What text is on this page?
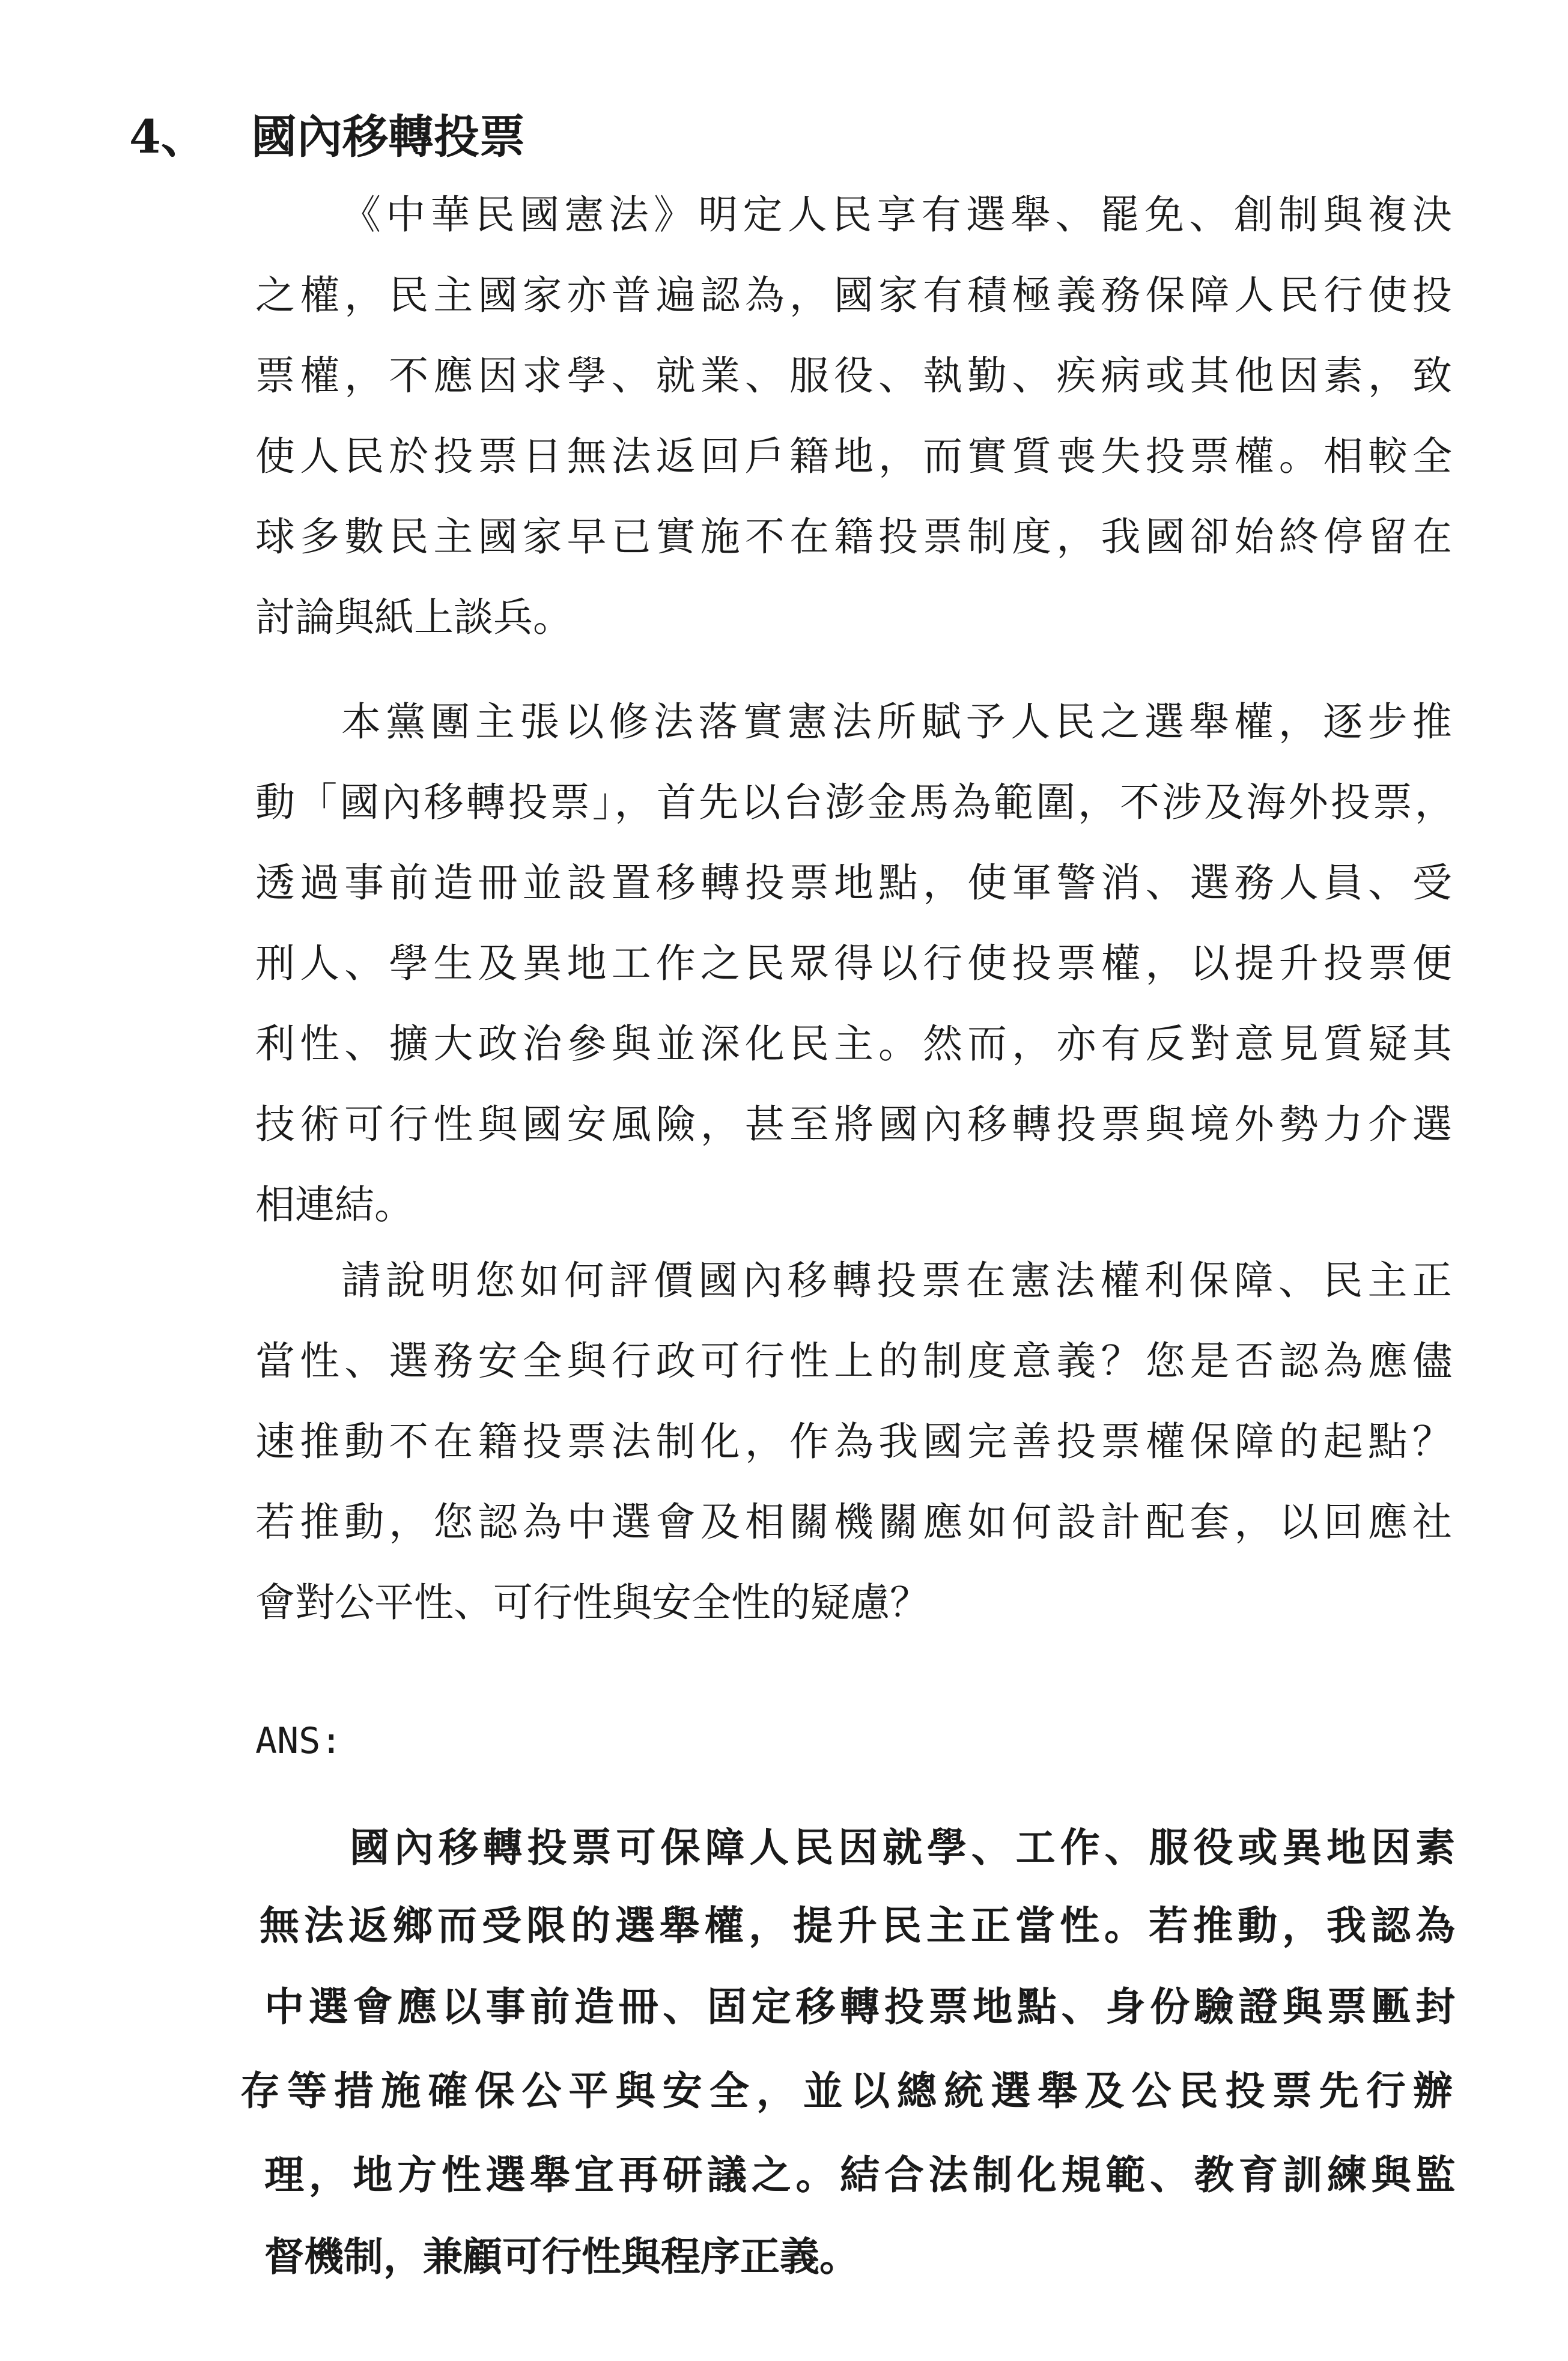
4、 國內移轉投票
《中華民國憲法》明定人民享有選舉、罷免、創制與複決
之權，民主國家亦普遍認為，國家有積極義務保障人民行使投
票權，不應因求學、就業、服役、執勤、疾病或其他因素，致
使人民於投票日無法返回戶籍地，而實質喪失投票權。相較全
球多數民主國家早已實施不在籍投票制度，我國卻始終停留在
討論與紙上談兵。
本黨團主張以修法落實憲法所賦予人民之選舉權，逐步推
動「國內移轉投票」，首先以台澎金馬為範圍，不涉及海外投票，
透過事前造冊並設置移轉投票地點，使軍警消、選務人員、受
刑人、學生及異地工作之民眾得以行使投票權，以提升投票便
利性、擴大政治參與並深化民主。然而，亦有反對意見質疑其
技術可行性與國安風險，甚至將國內移轉投票與境外勢力介選
相連結。
請說明您如何評價國內移轉投票在憲法權利保障、民主正
當性、選務安全與行政可行性上的制度意義？您是否認為應儘
速推動不在籍投票法制化，作為我國完善投票權保障的起點？
若推動，您認為中選會及相關機關應如何設計配套，以回應社
會對公平性、可行性與安全性的疑慮？
ANS:
國內移轉投票可保障人民因就學、工作、服役或異地因素
無法返鄉而受限的選舉權，提升民主正當性。若推動，我認為
中選會應以事前造冊、固定移轉投票地點、身份驗證與票匭封
存等措施確保公平與安全，並以總統選舉及公民投票先行辦
理，地方性選舉宜再研議之。結合法制化規範、教育訓練與監
督機制，兼顧可行性與程序正義。
